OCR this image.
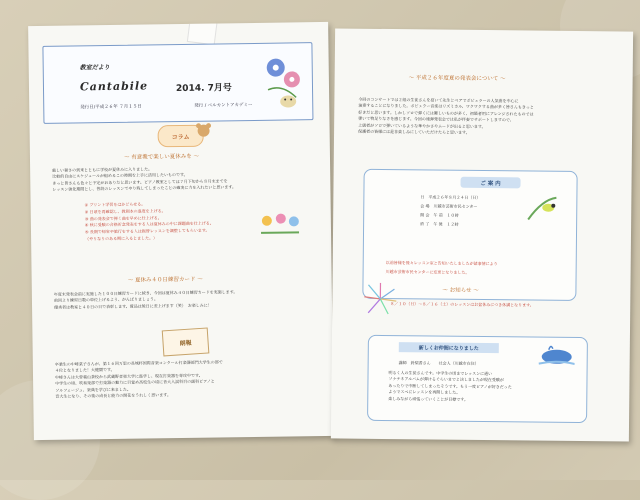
教室だより
Cantabile	2014. 7月号
発行日/平成２６年 ７月１５日	発行 / ベルカントアカデミー
コラム
～ 有意義で楽しい夏休みを ～
厳しい暑さの到来とともに学校が夏休みに入りました。
比較的自由にスケジュールが組めるこの時期を上手に活用したいものです。
きっと皆さんも色々と予定がおありだと思います。ピアノ教室としては７月下旬から８月末までを
レッスン強化期間とし、普段のレッスンでやり残してしまったことの確実に力を入れたいと思います。
① プリント学習をはかどらせる。
② 日頃を再確認し、教則本の進度を上げる。
③ 曲の発表会で弾く曲を早めに仕上げる。
④ 秋に受験の合格祈念発表をする人は夏休みの中に課題曲を仕上げる。
⑤ 長期で帰省や旅行をする人は振替レッスンを調整してもらいます。
（やりなりのある期に入るとました。）
～ 夏休み４０日練習カード ～
年度末発表会前に実施した１００日練習カードに続き、今回は夏休み４０日練習カードを実施します。
前回より練習日数の単位上げるよう、がんばりましょう。
優秀者は教室と４０日の日で表彰します。賞品は後日に差上げます（笑）　お楽しみに！
朗報
卒業生の中峰菜子さんが、第１６回万里の長城杯国際音楽コンクール打楽器部門大学生の部で
４位となりました！大健闘です。
中峰さんは大曽義山茶校から武蔵野音楽大学に進学し、現在打楽器を専攻中です。
中学生の頃、吹奏楽部で打楽器の魅力に目覚め高校生の頃に音大入試科目の副科ピアノと
ソルフェージュ、楽典を学びに来ました。
音大生になり、その後の成長と能力の開花をうれしく思います。
～ 平成２６年度夏の発表会について ～
今回のコンサートでは２組の生徒さんを招いて先生とペアでポピュラーの人気曲を中心に
演奏することになりました。ポピュラー音楽はリズミカル、ワクワクする曲が多く皆さんもきっと
好きだと思います。しかしソロで弾くには難しいものが多く、初級者用にアレンジされたものでは
弾いて物足りなさを感じます。今回の連弾発表会では私が伴奏でサポートしますので、
上級者がソロで弾いているような華やかさやムードが出ると思います。
保護者の皆様には是非楽しみにしていただけたらと思います。
ご 案 内
日　 平成２６年８月２４日（日）
会 場　 川越市芸術市民センター
開 会　 午 前　１０時
終 了　 午 後　１２時
以前皆様を後々レッスン室と告知いたしましたが諸事情により
川越市芸術市民センターに変更となりました。
～ お知らせ ～
８／１０（日）～８／１６（土）のレッスンはお盆休みにつき休講となります。
新しくお仲間になりました
講師　鈴梨香さん　　社会人（川越市在住）
明るく人の生徒さんです。中学生の頃までレッスンに通い
ソナチネアルバムが弾けるぐらいまでと決しましたが現在受験が
あったりで中断してしまったそうです。もう一度ピアノが好きだった
ようでスペにレッスンを再開しました。
楽しみながら頑張っていくことが目標です。
